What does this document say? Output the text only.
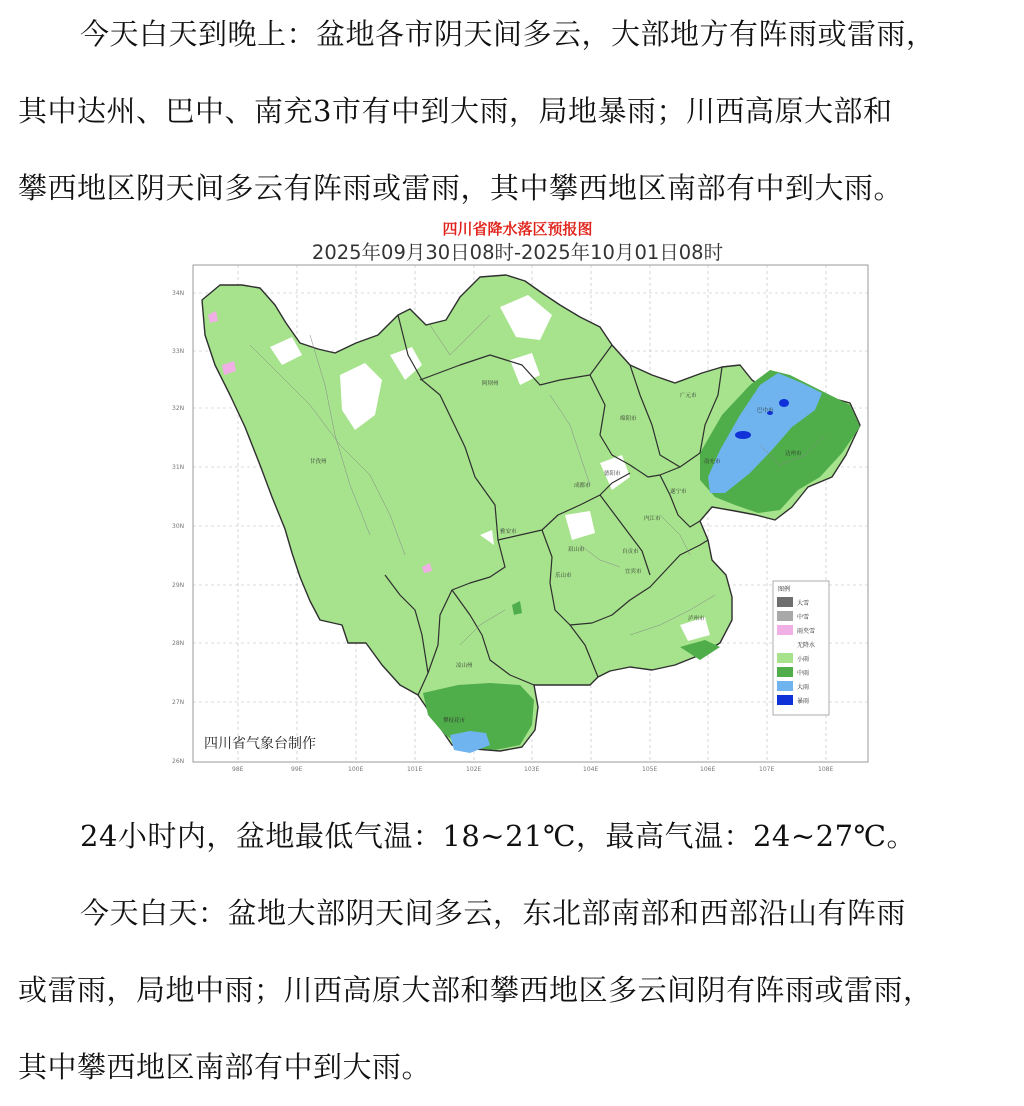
今天白天到晚上：盆地各市阴天间多云，大部地方有阵雨或雷雨，

其中达州、巴中、南充3市有中到大雨，局地暴雨；川西高原大部和

攀西地区阴天间多云有阵雨或雷雨，其中攀西地区南部有中到大雨。

阿坝州
广元市
巴中市
达州市
南充市
甘孜州
绵阳市
成都市
德阳市
遂宁市
雅安市
乐山市
眉山市
内江市
自贡市
宜宾市
泸州市
凉山州
攀枝花市
34N
33N
32N
31N
30N
29N
28N
27N
26N
98E	99E	100E	101E	102E	103E	104E	105E	106E	107E	108E
图例
大雪
中雪
雨夹雪
无降水
小雨
中雨
大雨
暴雨
四川省气象台制作
四川省降水落区预报图
2025年09月30日08时-2025年10月01日08时

24小时内，盆地最低气温：18~21℃，最高气温：24~27℃。

今天白天：盆地大部阴天间多云，东北部南部和西部沿山有阵雨

或雷雨，局地中雨；川西高原大部和攀西地区多云间阴有阵雨或雷雨，

其中攀西地区南部有中到大雨。
